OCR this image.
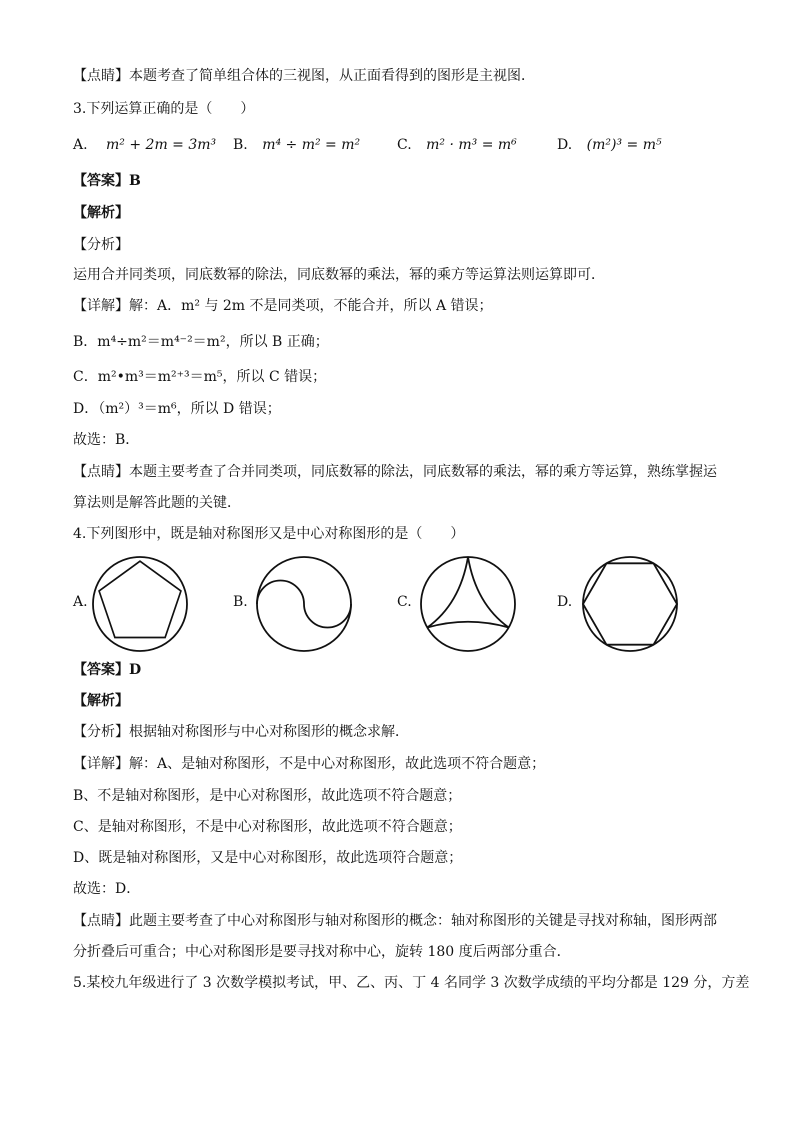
【点睛】本题考查了简单组合体的三视图，从正面看得到的图形是主视图．
3.下列运算正确的是（　　）
A. m² + 2m = 3m³ B. m⁴ ÷ m² = m²	C. m² · m³ = m⁶	D. (m²)³ = m⁵
【答案】B
【解析】
【分析】
运用合并同类项，同底数幂的除法，同底数幂的乘法，幂的乘方等运算法则运算即可．
【详解】解：A．m² 与 2m 不是同类项，不能合并，所以 A 错误；
B．m⁴÷m²＝m⁴⁻²＝m²，所以 B 正确；
C．m²•m³＝m²⁺³＝m⁵，所以 C 错误；
D．（m²）³＝m⁶，所以 D 错误；
故选：B．
【点睛】本题主要考查了合并同类项，同底数幂的除法，同底数幂的乘法，幂的乘方等运算，熟练掌握运
算法则是解答此题的关键．
4.下列图形中，既是轴对称图形又是中心对称图形的是（　　）
A.	B.	C.	D.
【答案】D
【解析】
【分析】根据轴对称图形与中心对称图形的概念求解．
【详解】解：A、是轴对称图形，不是中心对称图形，故此选项不符合题意；
B、不是轴对称图形，是中心对称图形，故此选项不符合题意；
C、是轴对称图形，不是中心对称图形，故此选项不符合题意；
D、既是轴对称图形，又是中心对称图形，故此选项符合题意；
故选：D．
【点睛】此题主要考查了中心对称图形与轴对称图形的概念：轴对称图形的关键是寻找对称轴，图形两部
分折叠后可重合；中心对称图形是要寻找对称中心，旋转 180 度后两部分重合．
5.某校九年级进行了 3 次数学模拟考试，甲、乙、丙、丁 4 名同学 3 次数学成绩的平均分都是 129 分，方差
